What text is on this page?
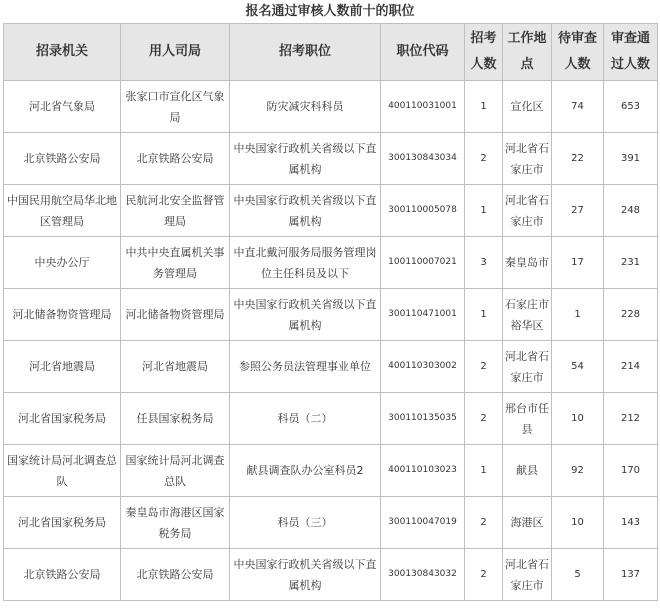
报名通过审核人数前十的职位
招录机关	用人司局	招考职位	职位代码	招考人数	工作地点	待审查人数	审查通过人数
河北省气象局	张家口市宣化区气象局	防灾减灾科科员	400110031001	1	宣化区	74	653
北京铁路公安局	北京铁路公安局	中央国家行政机关省级以下直属机构	300130843034	2	河北省石家庄市	22	391
中国民用航空局华北地区管理局	民航河北安全监督管理局	中央国家行政机关省级以下直属机构	300110005078	1	河北省石家庄市	27	248
中央办公厅	中共中央直属机关事务管理局	中直北戴河服务局服务管理岗位主任科员及以下	100110007021	3	秦皇岛市	17	231
河北储备物资管理局	河北储备物资管理局	中央国家行政机关省级以下直属机构	300110471001	1	石家庄市裕华区	1	228
河北省地震局	河北省地震局	参照公务员法管理事业单位	400110303002	2	河北省石家庄市	54	214
河北省国家税务局	任县国家税务局	科员（二）	300110135035	2	邢台市任县	10	212
国家统计局河北调查总队	国家统计局河北调查总队	献县调查队办公室科员2	400110103023	1	献县	92	170
河北省国家税务局	秦皇岛市海港区国家税务局	科员（三）	300110047019	2	海港区	10	143
北京铁路公安局	北京铁路公安局	中央国家行政机关省级以下直属机构	300130843032	2	河北省石家庄市	5	137
